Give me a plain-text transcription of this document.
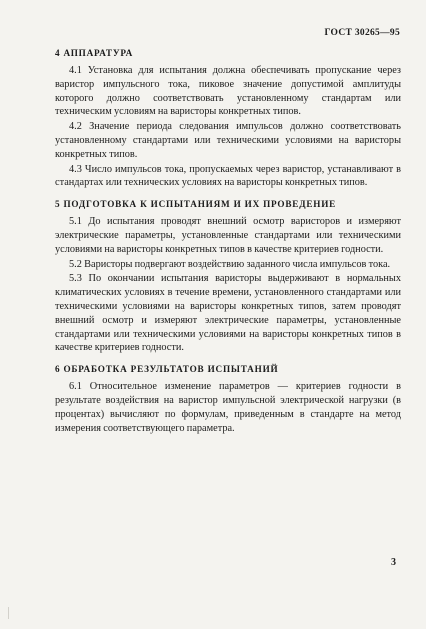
ГОСТ 30265—95
4 АППАРАТУРА

4.1 Установка для испытания должна обеспечивать пропускание через варистор импульсного тока, пиковое значение допустимой амплитуды которого должно соответствовать установленному стандартам или техническим условиям на варисторы конкретных типов.

4.2 Значение периода следования импульсов должно соответствовать установленному стандартами или техническими условиями на варисторы конкретных типов.

4.3 Число импульсов тока, пропускаемых через варистор, устанавливают в стандартах или технических условиях на варисторы конкретных типов.

5 ПОДГОТОВКА К ИСПЫТАНИЯМ И ИХ ПРОВЕДЕНИЕ

5.1 До испытания проводят внешний осмотр варисторов и измеряют электрические параметры, установленные стандартами или техническими условиями на варисторы конкретных типов в качестве критериев годности.

5.2 Варисторы подвергают воздействию заданного числа импульсов тока.

5.3 По окончании испытания варисторы выдерживают в нормальных климатических условиях в течение времени, установленного стандартами или техническими условиями на варисторы конкретных типов, затем проводят внешний осмотр и измеряют электрические параметры, установленные стандартами или техническими условиями на варисторы конкретных типов в качестве критериев годности.

6 ОБРАБОТКА РЕЗУЛЬТАТОВ ИСПЫТАНИЙ

6.1 Относительное изменение параметров — критериев годности в результате воздействия на варистор импульсной электрической нагрузки (в процентах) вычисляют по формулам, приведенным в стандарте на метод измерения соответствующего параметра.

3
